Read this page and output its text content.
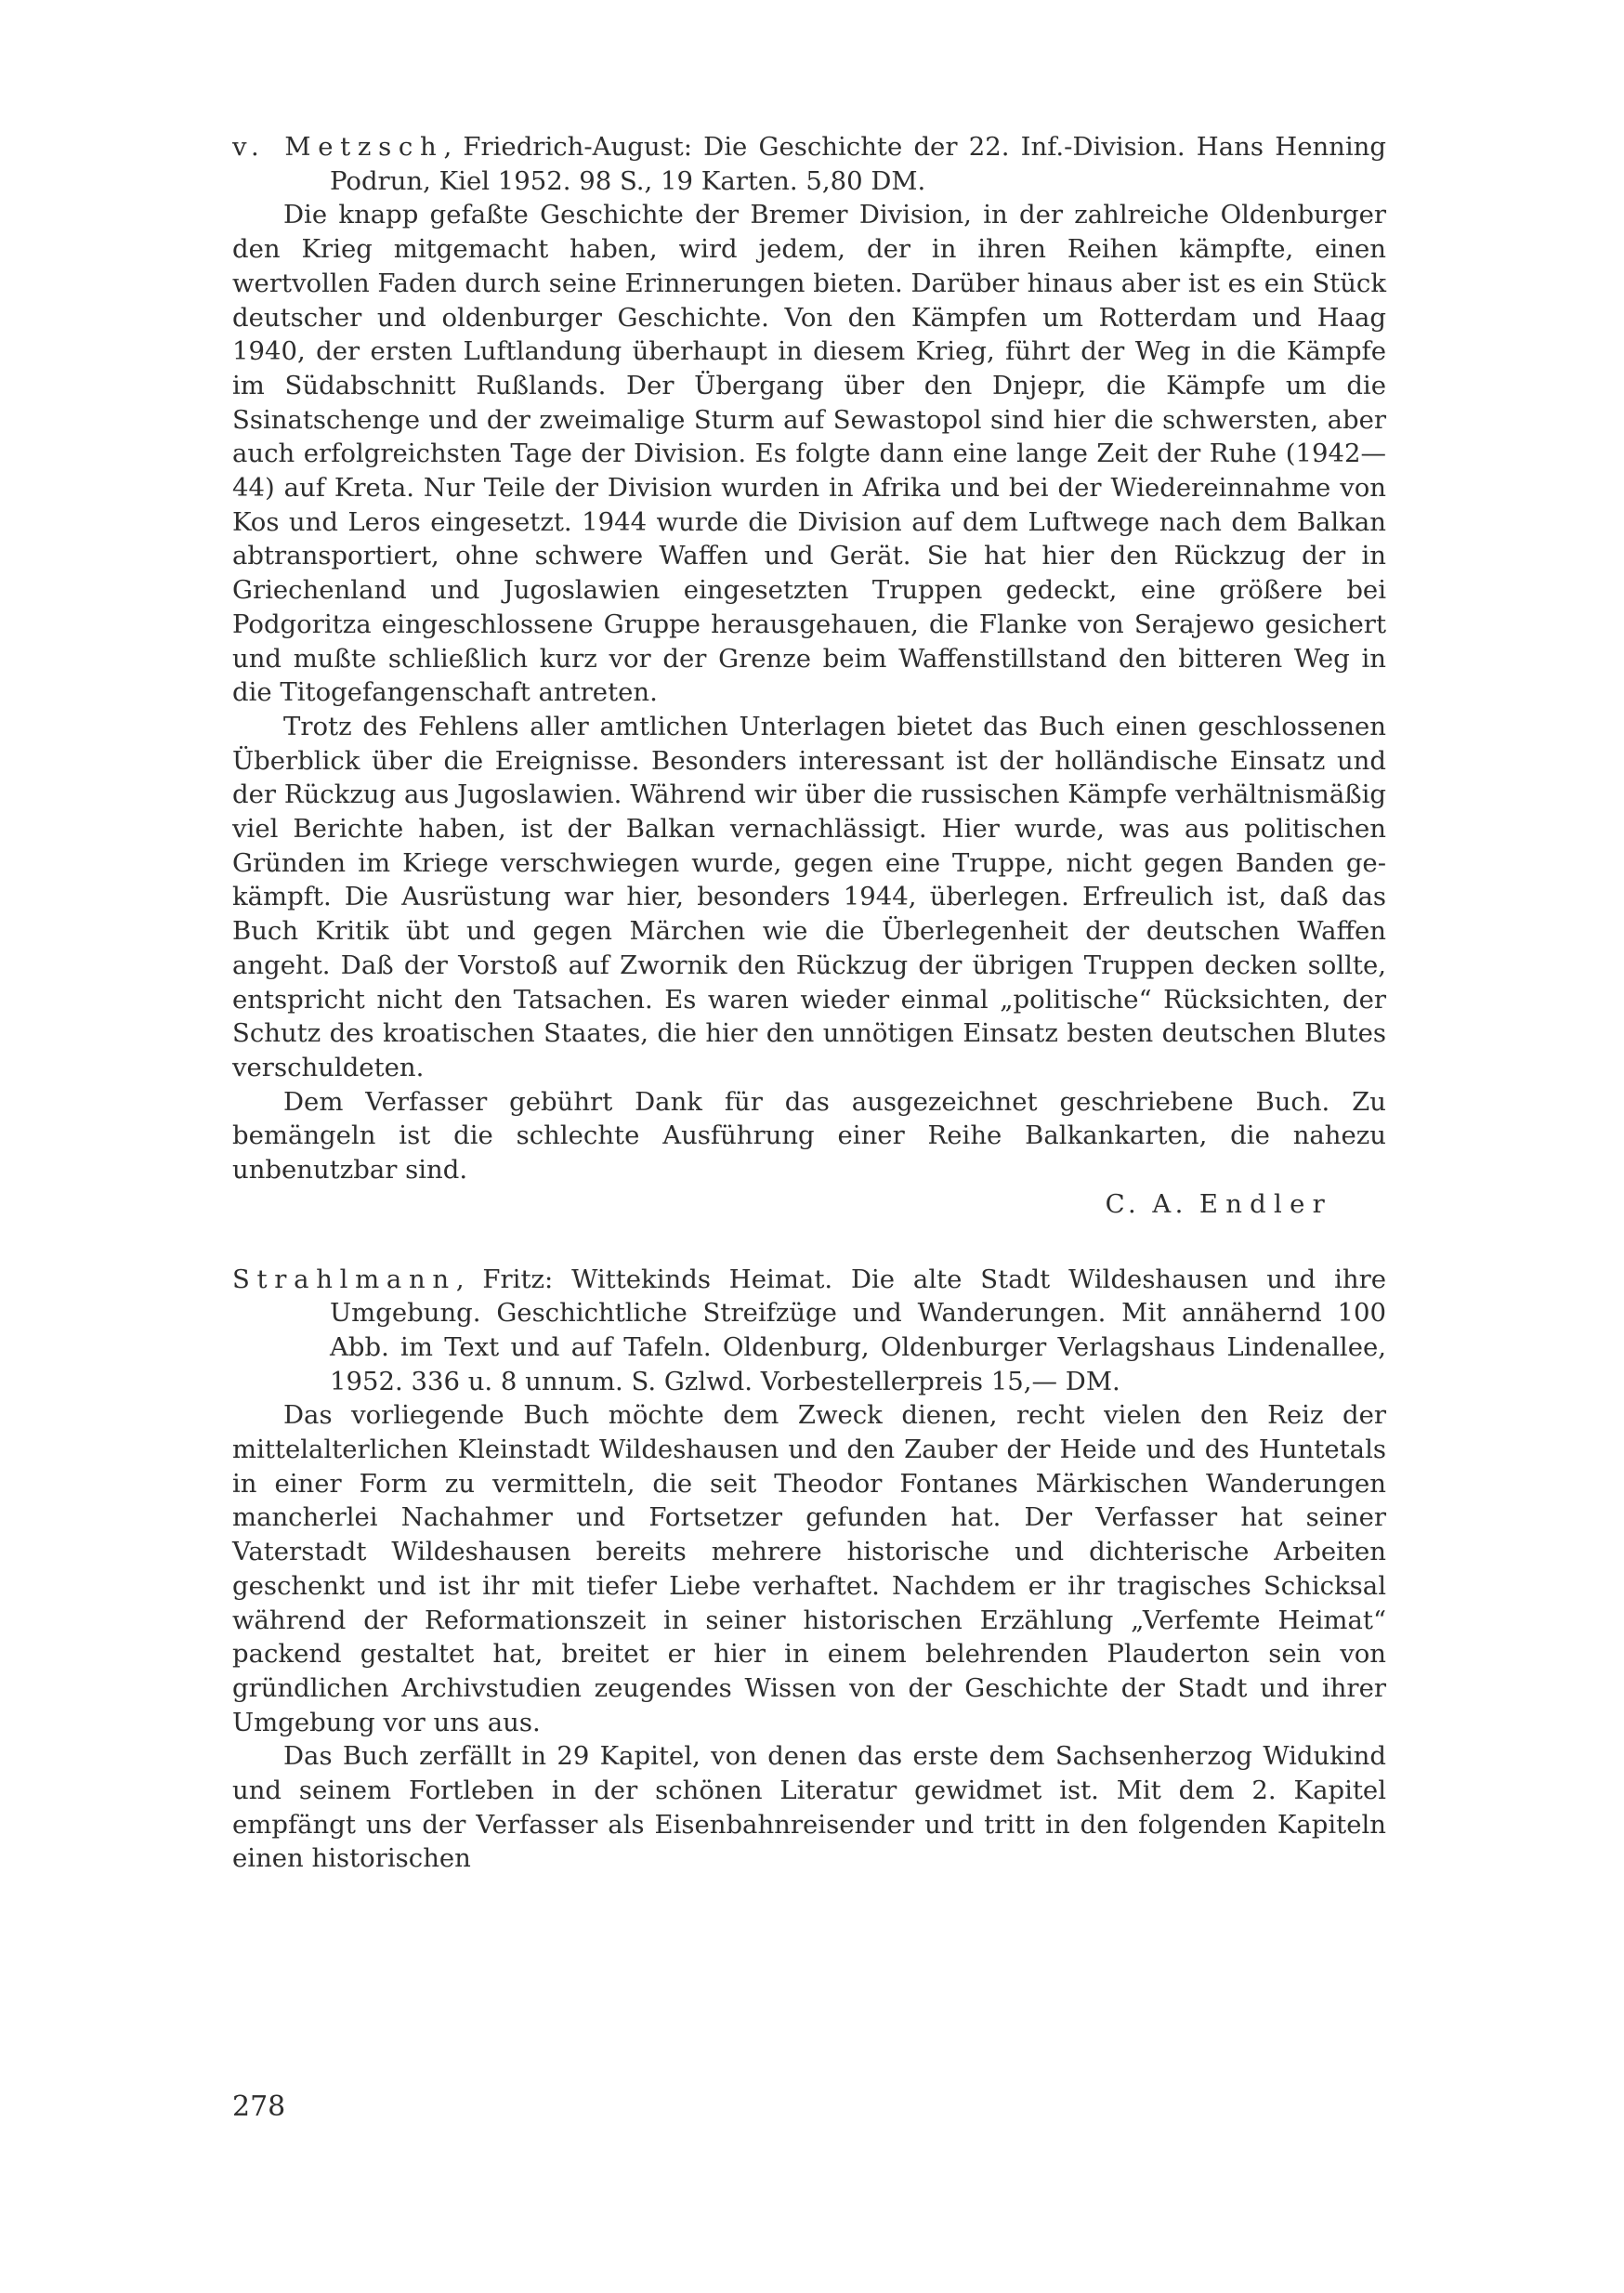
v. Metzsch, Friedrich-August: Die Geschichte der 22. Inf.-Division. Hans Henning Podrun, Kiel 1952. 98 S., 19 Karten. 5,80 DM.

Die knapp gefaßte Geschichte der Bremer Division, in der zahlreiche Oldenburger den Krieg mitgemacht haben, wird jedem, der in ihren Reihen kämpfte, einen wertvollen Faden durch seine Erinnerungen bieten. Darüber hinaus aber ist es ein Stück deutscher und oldenburger Geschichte. Von den Kämpfen um Rotterdam und Haag 1940, der ersten Luftlandung überhaupt in diesem Krieg, führt der Weg in die Kämpfe im Südabschnitt Rußlands. Der Übergang über den Dnjepr, die Kämpfe um die Ssinatschenge und der zweimalige Sturm auf Sewastopol sind hier die schwersten, aber auch erfolgreichsten Tage der Division. Es folgte dann eine lange Zeit der Ruhe (1942—44) auf Kreta. Nur Teile der Division wurden in Afrika und bei der Wiedereinnahme von Kos und Leros eingesetzt. 1944 wurde die Division auf dem Luftwege nach dem Balkan abtransportiert, ohne schwere Waffen und Gerät. Sie hat hier den Rückzug der in Griechenland und Jugoslawien eingesetzten Truppen gedeckt, eine größere bei Podgoritza eingeschlossene Gruppe herausgehauen, die Flanke von Serajewo gesichert und mußte schließlich kurz vor der Grenze beim Waffenstillstand den bitteren Weg in die Titogefangenschaft antreten.

Trotz des Fehlens aller amtlichen Unterlagen bietet das Buch einen geschlossenen Überblick über die Ereignisse. Besonders interessant ist der holländische Einsatz und der Rückzug aus Jugoslawien. Während wir über die russischen Kämpfe verhältnismäßig viel Berichte haben, ist der Balkan vernachlässigt. Hier wurde, was aus politischen Gründen im Kriege verschwiegen wurde, gegen eine Truppe, nicht gegen Banden gekämpft. Die Ausrüstung war hier, besonders 1944, überlegen. Erfreulich ist, daß das Buch Kritik übt und gegen Märchen wie die Überlegenheit der deutschen Waffen angeht. Daß der Vorstoß auf Zwornik den Rückzug der übrigen Truppen decken sollte, entspricht nicht den Tatsachen. Es waren wieder einmal „politische“ Rücksichten, der Schutz des kroatischen Staates, die hier den unnötigen Einsatz besten deutschen Blutes verschuldeten.

Dem Verfasser gebührt Dank für das ausgezeichnet geschriebene Buch. Zu bemängeln ist die schlechte Ausführung einer Reihe Balkankarten, die nahezu unbenutzbar sind.

C. A. Endler

Strahlmann, Fritz: Wittekinds Heimat. Die alte Stadt Wildeshausen und ihre Umgebung. Geschichtliche Streifzüge und Wanderungen. Mit annähernd 100 Abb. im Text und auf Tafeln. Oldenburg, Oldenburger Verlagshaus Lindenallee, 1952. 336 u. 8 unnum. S. Gzlwd. Vorbestellerpreis 15,— DM.

Das vorliegende Buch möchte dem Zweck dienen, recht vielen den Reiz der mittelalterlichen Kleinstadt Wildeshausen und den Zauber der Heide und des Huntetals in einer Form zu vermitteln, die seit Theodor Fontanes Märkischen Wanderungen mancherlei Nachahmer und Fortsetzer gefunden hat. Der Verfasser hat seiner Vaterstadt Wildeshausen bereits mehrere historische und dichterische Arbeiten geschenkt und ist ihr mit tiefer Liebe verhaftet. Nachdem er ihr tragisches Schicksal während der Reformationszeit in seiner historischen Erzählung „Verfemte Heimat“ packend gestaltet hat, breitet er hier in einem belehrenden Plauderton sein von gründlichen Archivstudien zeugendes Wissen von der Geschichte der Stadt und ihrer Umgebung vor uns aus.

Das Buch zerfällt in 29 Kapitel, von denen das erste dem Sachsenherzog Widukind und seinem Fortleben in der schönen Literatur gewidmet ist. Mit dem 2. Kapitel empfängt uns der Verfasser als Eisenbahnreisender und tritt in den folgenden Kapiteln einen historischen

278
